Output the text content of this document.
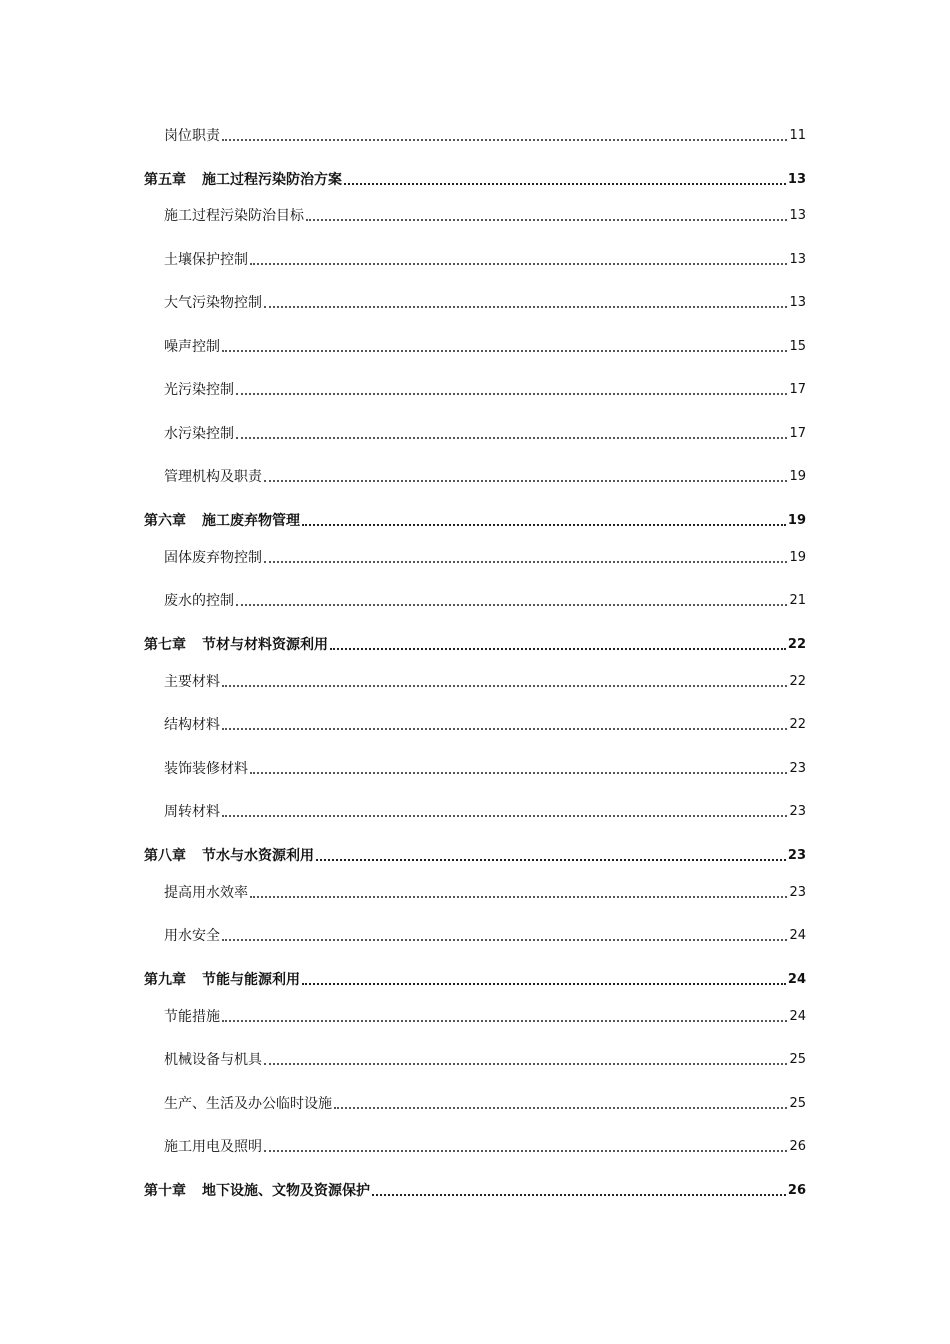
岗位职责	11
第五章 施工过程污染防治方案	13
施工过程污染防治目标	13
土壤保护控制	13
大气污染物控制	13
噪声控制	15
光污染控制	17
水污染控制	17
管理机构及职责	19
第六章 施工废弃物管理	19
固体废弃物控制	19
废水的控制	21
第七章 节材与材料资源利用	22
主要材料	22
结构材料	22
装饰装修材料	23
周转材料	23
第八章 节水与水资源利用	23
提高用水效率	23
用水安全	24
第九章 节能与能源利用	24
节能措施	24
机械设备与机具	25
生产、生活及办公临时设施	25
施工用电及照明	26
第十章 地下设施、文物及资源保护	26
